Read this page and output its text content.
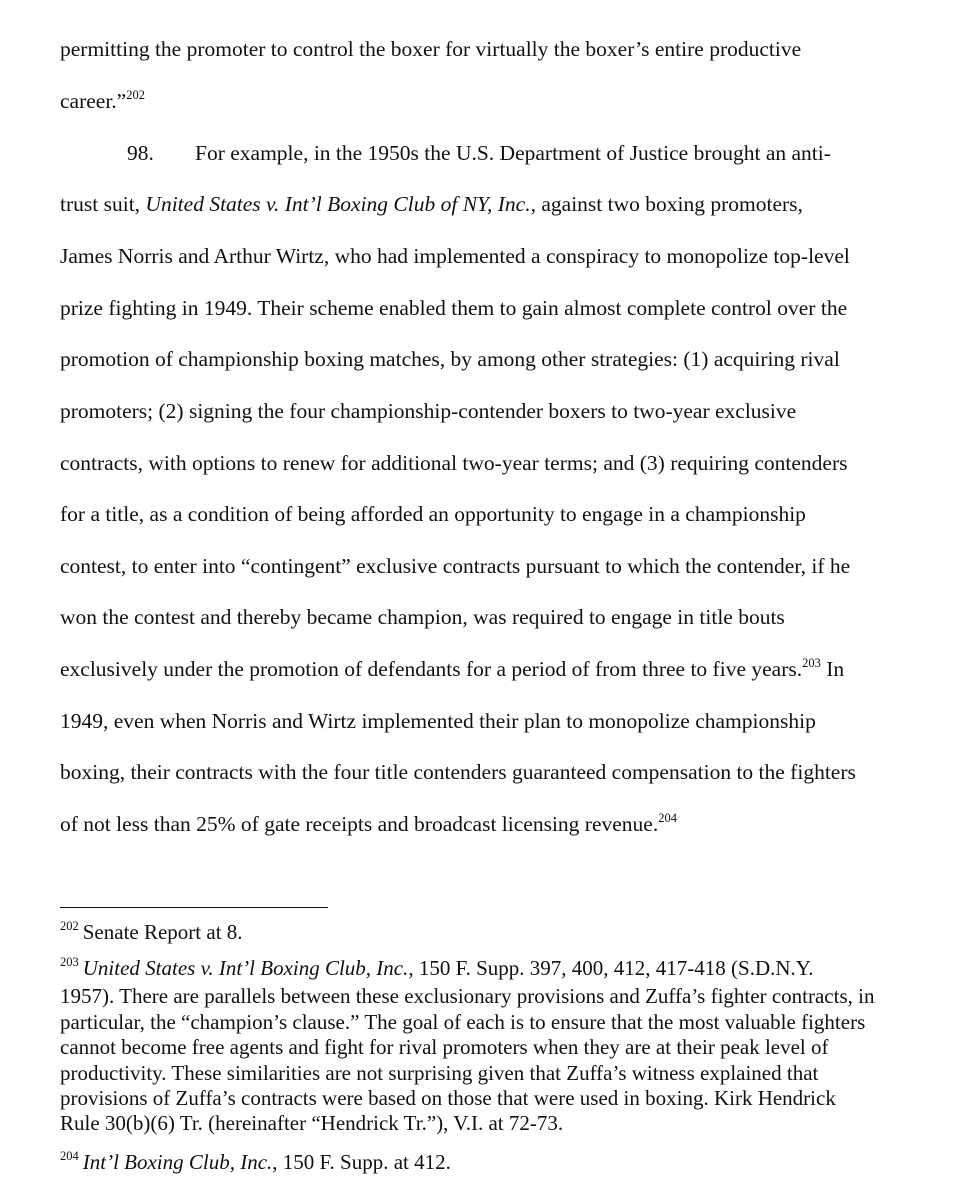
permitting the promoter to control the boxer for virtually the boxer’s entire productive
career.”$^{202}$
98. For example, in the 1950s the U.S. Department of Justice brought an anti-
trust suit, United States v. Int’l Boxing Club of NY, Inc., against two boxing promoters,
James Norris and Arthur Wirtz, who had implemented a conspiracy to monopolize top-level
prize fighting in 1949. Their scheme enabled them to gain almost complete control over the
promotion of championship boxing matches, by among other strategies: (1) acquiring rival
promoters; (2) signing the four championship-contender boxers to two-year exclusive
contracts, with options to renew for additional two-year terms; and (3) requiring contenders
for a title, as a condition of being afforded an opportunity to engage in a championship
contest, to enter into “contingent” exclusive contracts pursuant to which the contender, if he
won the contest and thereby became champion, was required to engage in title bouts
exclusively under the promotion of defendants for a period of from three to five years.$^{203}$ In
1949, even when Norris and Wirtz implemented their plan to monopolize championship
boxing, their contracts with the four title contenders guaranteed compensation to the fighters
of not less than 25% of gate receipts and broadcast licensing revenue.$^{204}$
$^{202}$ Senate Report at 8.
$^{203}$ United States v. Int’l Boxing Club, Inc., 150 F. Supp. 397, 400, 412, 417-418 (S.D.N.Y.
1957). There are parallels between these exclusionary provisions and Zuffa’s fighter contracts, in
particular, the “champion’s clause.” The goal of each is to ensure that the most valuable fighters
cannot become free agents and fight for rival promoters when they are at their peak level of
productivity. These similarities are not surprising given that Zuffa’s witness explained that
provisions of Zuffa’s contracts were based on those that were used in boxing. Kirk Hendrick
Rule 30(b)(6) Tr. (hereinafter “Hendrick Tr.”), V.I. at 72-73.
$^{204}$ Int’l Boxing Club, Inc., 150 F. Supp. at 412.
